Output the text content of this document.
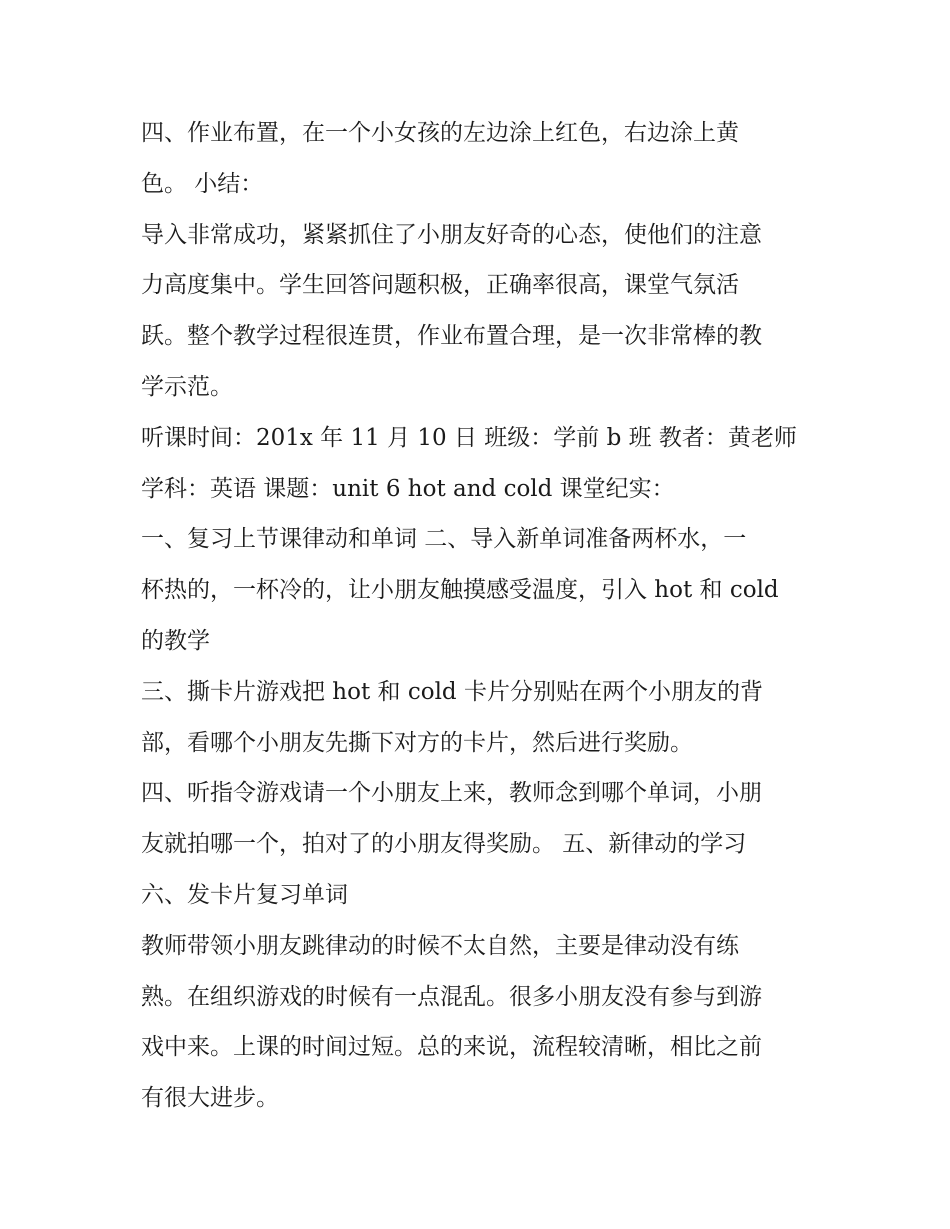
四、作业布置，在一个小女孩的左边涂上红色，右边涂上黄
色。 小结：
导入非常成功，紧紧抓住了小朋友好奇的心态，使他们的注意
力高度集中。学生回答问题积极，正确率很高，课堂气氛活
跃。整个教学过程很连贯，作业布置合理，是一次非常棒的教
学示范。
听课时间：201x 年 11 月 10 日 班级：学前 b 班 教者：黄老师
学科：英语 课题：unit 6 hot and cold 课堂纪实：
一、复习上节课律动和单词 二、导入新单词准备两杯水，一
杯热的，一杯冷的，让小朋友触摸感受温度，引入 hot 和 cold
的教学
三、撕卡片游戏把 hot 和 cold 卡片分别贴在两个小朋友的背
部，看哪个小朋友先撕下对方的卡片，然后进行奖励。
四、听指令游戏请一个小朋友上来，教师念到哪个单词，小朋
友就拍哪一个，拍对了的小朋友得奖励。 五、新律动的学习
六、发卡片复习单词
教师带领小朋友跳律动的时候不太自然，主要是律动没有练
熟。在组织游戏的时候有一点混乱。很多小朋友没有参与到游
戏中来。上课的时间过短。总的来说，流程较清晰，相比之前
有很大进步。
